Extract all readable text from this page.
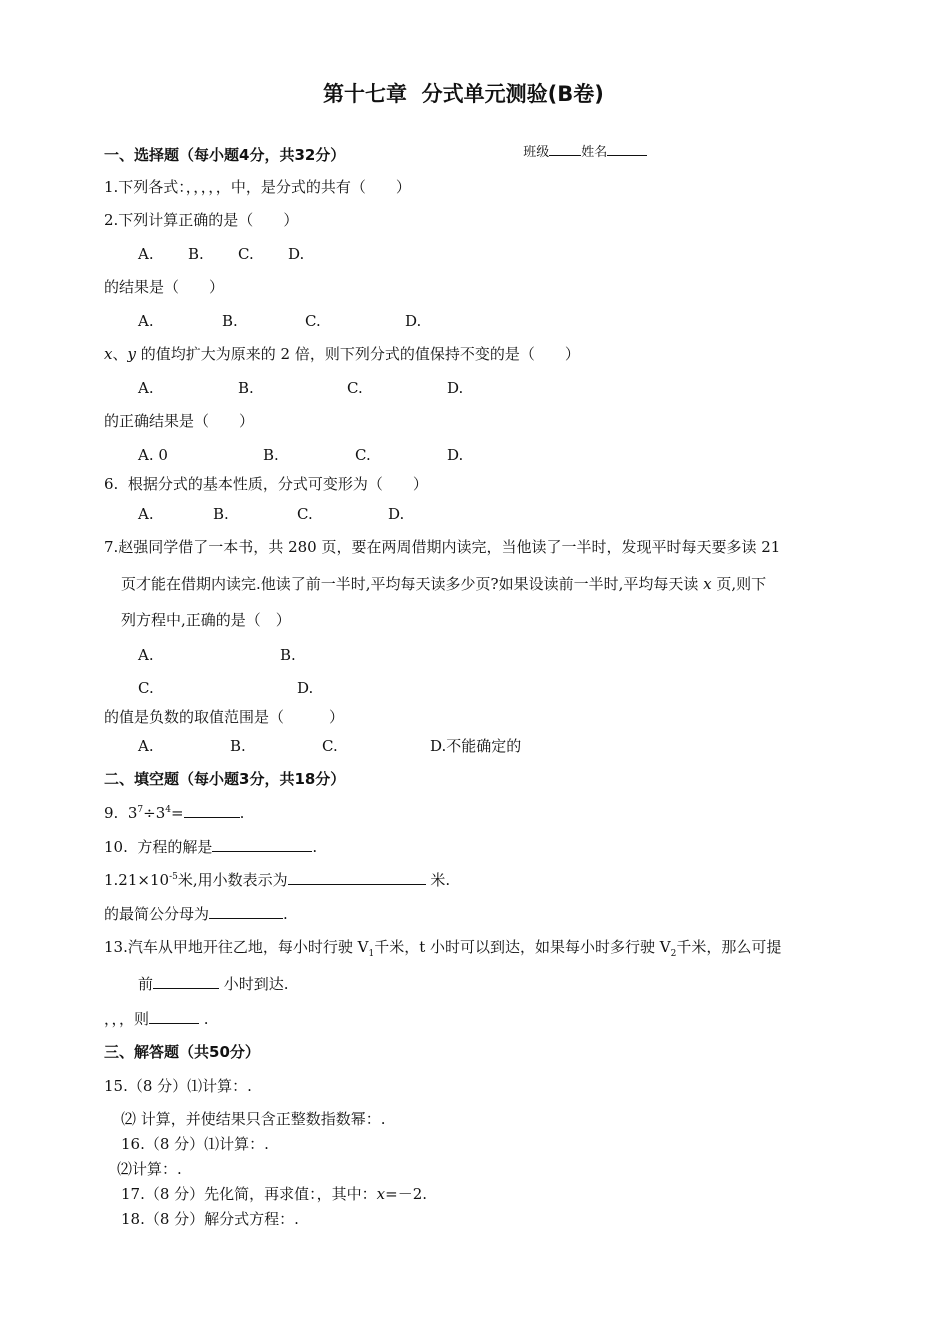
第十七章  分式单元测验(B卷)

班级 姓名

一、选择题（每小题4分，共32分）
1.下列各式：，，，，，中，是分式的共有（　　）
2.下列计算正确的是（　　）
A. B. C. D.
的结果是（　　）
A.	B.	C.	D.
x、y 的值均扩大为原来的 2 倍，则下列分式的值保持不变的是（　　）
A.	B.	C.	D.
的正确结果是（　　）
A. 0	B.	C.	D.
6.  根据分式的基本性质，分式可变形为（　　）
A.	B.	C.	D.
7.赵强同学借了一本书，共 280 页，要在两周借期内读完，当他读了一半时，发现平时每天要多读 21
页才能在借期内读完.他读了前一半时,平均每天读多少页?如果设读前一半时,平均每天读 x 页,则下
列方程中,正确的是（　）
A.	B.
C.	D.
的值是负数的取值范围是（　　　）
A.	B.	C.	D.不能确定的
二、填空题（每小题3分，共18分）
9.  $3^7\div 3^4=$	.
10.  方程的解是	.
$1.21\times 10^{-5}$米,用小数表示为	米.
的最简公分母为	.
13.汽车从甲地开往乙地，每小时行驶 $V_1$千米，t 小时可以到达，如果每小时多行驶 $V_2$千米，那么可提
前	小时到达.
，，，则	.
三、解答题（共50分）
15.（8 分）⑴计算：.
⑵ 计算，并使结果只含正整数指数幂：.
16.（8 分）⑴计算：.
⑵计算：.
17.（8 分）先化简，再求值：，其中：x=－2.
18.（8 分）解分式方程：.
